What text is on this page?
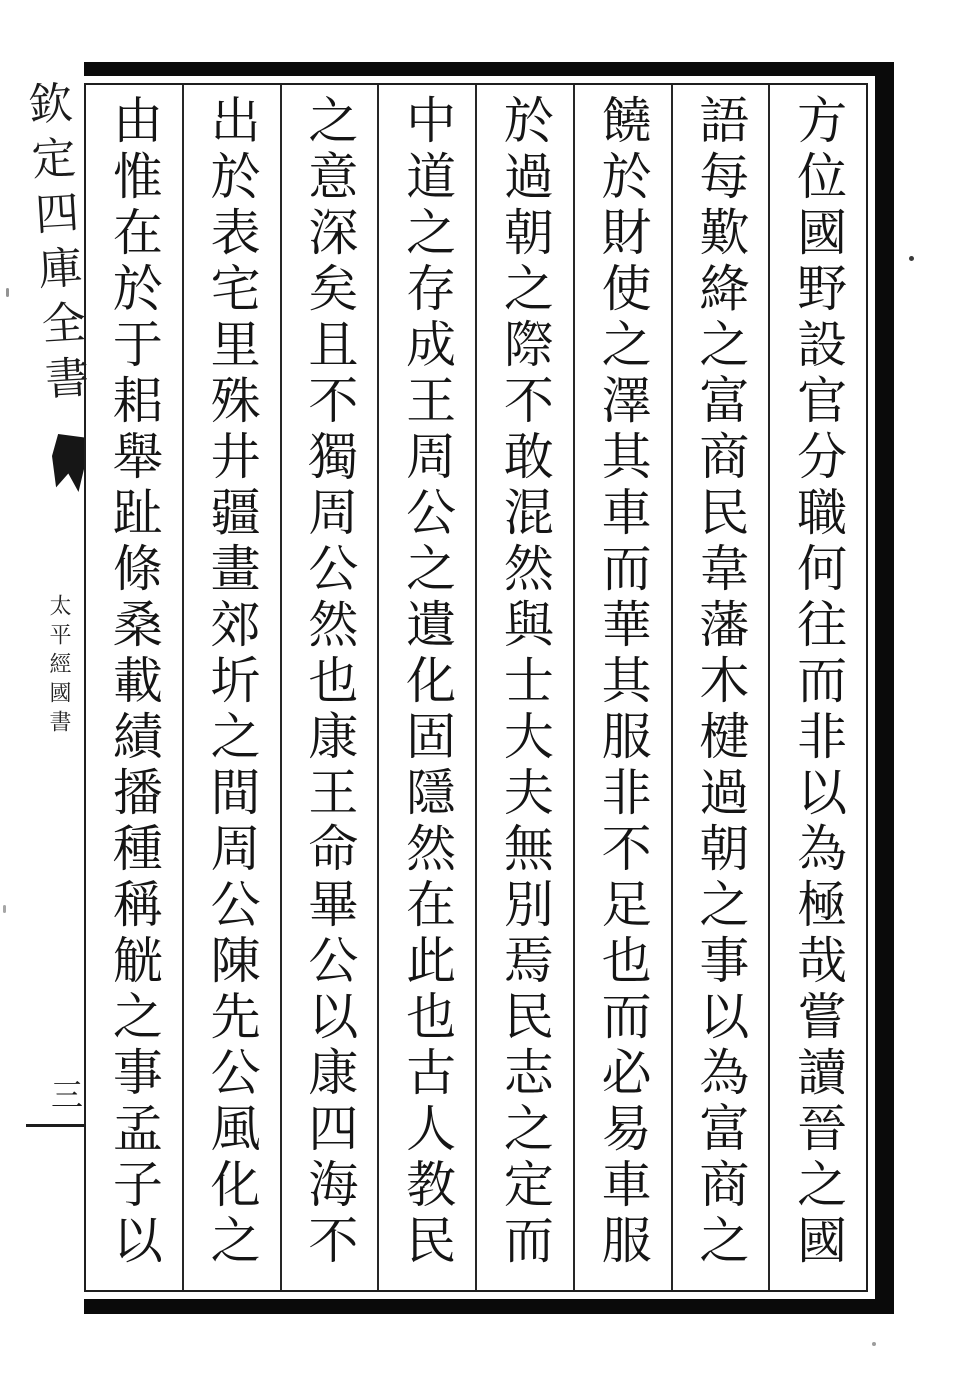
欽定四庫全書
太平經國書
三	方位國野設官分職何往而非以為極哉嘗讀晉之國
語每歎絳之富商民韋藩木楗過朝之事以為富商之
饒於財使之澤其車而華其服非不足也而必易車服
於過朝之際不敢混然與士大夫無別焉民志之定而
中道之存成王周公之遺化固隱然在此也古人教民
之意深矣且不獨周公然也康王命畢公以康四海不
出於表宅里殊井疆畫郊圻之間周公陳先公風化之
由惟在於于耜舉趾條桑載績播種稱觥之事孟子以
